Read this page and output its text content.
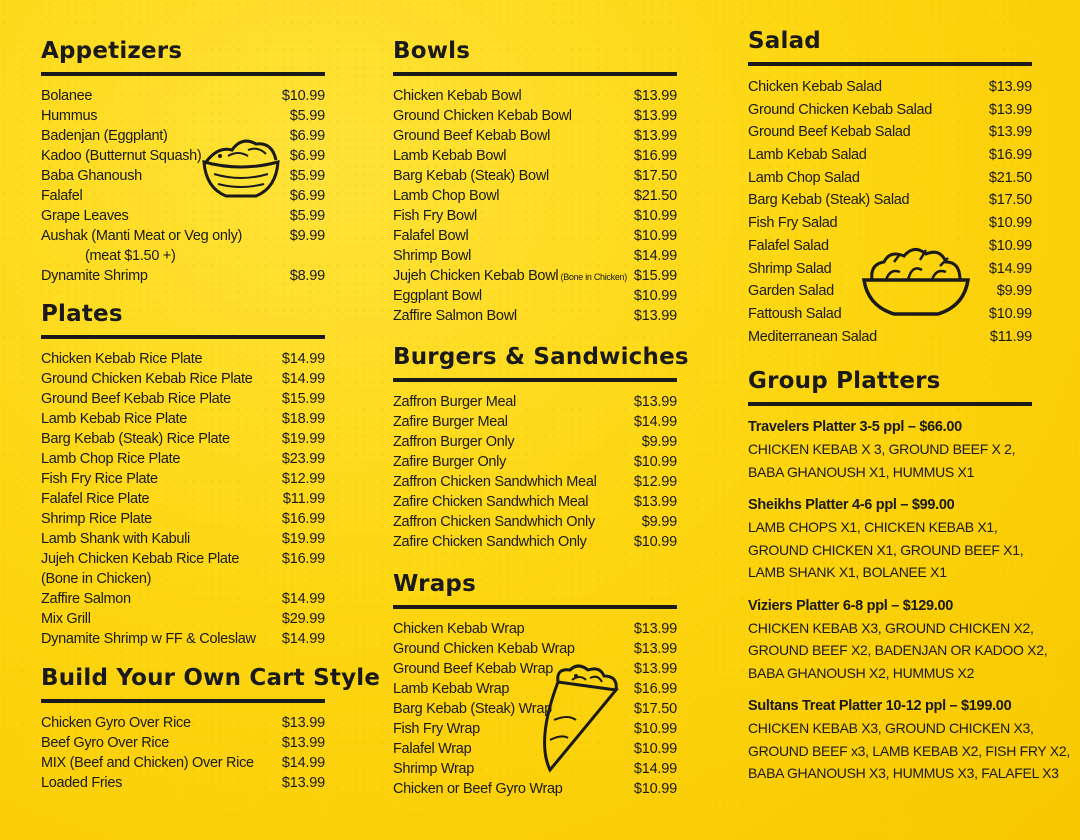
Appetizers
Bolanee	$10.99
Hummus	$5.99
Badenjan (Eggplant)	$6.99
Kadoo (Butternut Squash)	$6.99
Baba Ghanoush	$5.99
Falafel	$6.99
Grape Leaves	$5.99
Aushak (Manti Meat or Veg only)	$9.99
(meat $1.50 +)
Dynamite Shrimp	$8.99
Plates
Chicken Kebab Rice Plate	$14.99
Ground Chicken Kebab Rice Plate $14.99
Ground Beef Kebab Rice Plate	$15.99
Lamb Kebab Rice Plate	$18.99
Barg Kebab (Steak) Rice Plate	$19.99
Lamb Chop Rice Plate	$23.99
Fish Fry Rice Plate	$12.99
Falafel Rice Plate	$11.99
Shrimp Rice Plate	$16.99
Lamb Shank with Kabuli	$19.99
Jujeh Chicken Kebab Rice Plate	$16.99
(Bone in Chicken)
Zaffire Salmon	$14.99
Mix Grill	$29.99
Dynamite Shrimp w FF & Coleslaw $14.99
Build Your Own Cart Style
Chicken Gyro Over Rice	$13.99
Beef Gyro Over Rice	$13.99
MIX (Beef and Chicken) Over Rice $14.99
Loaded Fries	$13.99
Bowls
Chicken Kebab Bowl	$13.99
Ground Chicken Kebab Bowl	$13.99
Ground Beef Kebab Bowl	$13.99
Lamb Kebab Bowl	$16.99
Barg Kebab (Steak) Bowl	$17.50
Lamb Chop Bowl	$21.50
Fish Fry Bowl	$10.99
Falafel Bowl	$10.99
Shrimp Bowl	$14.99
Jujeh Chicken Kebab Bowl (Bone in Chicken) $15.99
Eggplant Bowl	$10.99
Zaffire Salmon Bowl	$13.99
Burgers & Sandwiches
Zaffron Burger Meal	$13.99
Zafire Burger Meal	$14.99
Zaffron Burger Only	$9.99
Zafire Burger Only	$10.99
Zaffron Chicken Sandwhich Meal	$12.99
Zafire Chicken Sandwhich Meal	$13.99
Zaffron Chicken Sandwhich Only	$9.99
Zafire Chicken Sandwhich Only	$10.99
Wraps
Chicken Kebab Wrap	$13.99
Ground Chicken Kebab Wrap	$13.99
Ground Beef Kebab Wrap	$13.99
Lamb Kebab Wrap	$16.99
Barg Kebab (Steak) Wrap	$17.50
Fish Fry Wrap	$10.99
Falafel Wrap	$10.99
Shrimp Wrap	$14.99
Chicken or Beef Gyro Wrap	$10.99
Salad
Chicken Kebab Salad	$13.99
Ground Chicken Kebab Salad	$13.99
Ground Beef Kebab Salad	$13.99
Lamb Kebab Salad	$16.99
Lamb Chop Salad	$21.50
Barg Kebab (Steak) Salad	$17.50
Fish Fry Salad	$10.99
Falafel Salad	$10.99
Shrimp Salad	$14.99
Garden Salad	$9.99
Fattoush Salad	$10.99
Mediterranean Salad	$11.99
Group Platters
Travelers Platter 3-5 ppl – $66.00
CHICKEN KEBAB X 3, GROUND BEEF X 2,
BABA GHANOUSH X1, HUMMUS X1
Sheikhs Platter 4-6 ppl – $99.00
LAMB CHOPS X1, CHICKEN KEBAB X1,
GROUND CHICKEN X1, GROUND BEEF X1,
LAMB SHANK X1, BOLANEE X1
Viziers Platter 6-8 ppl – $129.00
CHICKEN KEBAB X3, GROUND CHICKEN X2,
GROUND BEEF X2, BADENJAN OR KADOO X2,
BABA GHANOUSH X2, HUMMUS X2
Sultans Treat Platter 10-12 ppl – $199.00
CHICKEN KEBAB X3, GROUND CHICKEN X3,
GROUND BEEF x3, LAMB KEBAB X2, FISH FRY X2,
BABA GHANOUSH X3, HUMMUS X3, FALAFEL X3
